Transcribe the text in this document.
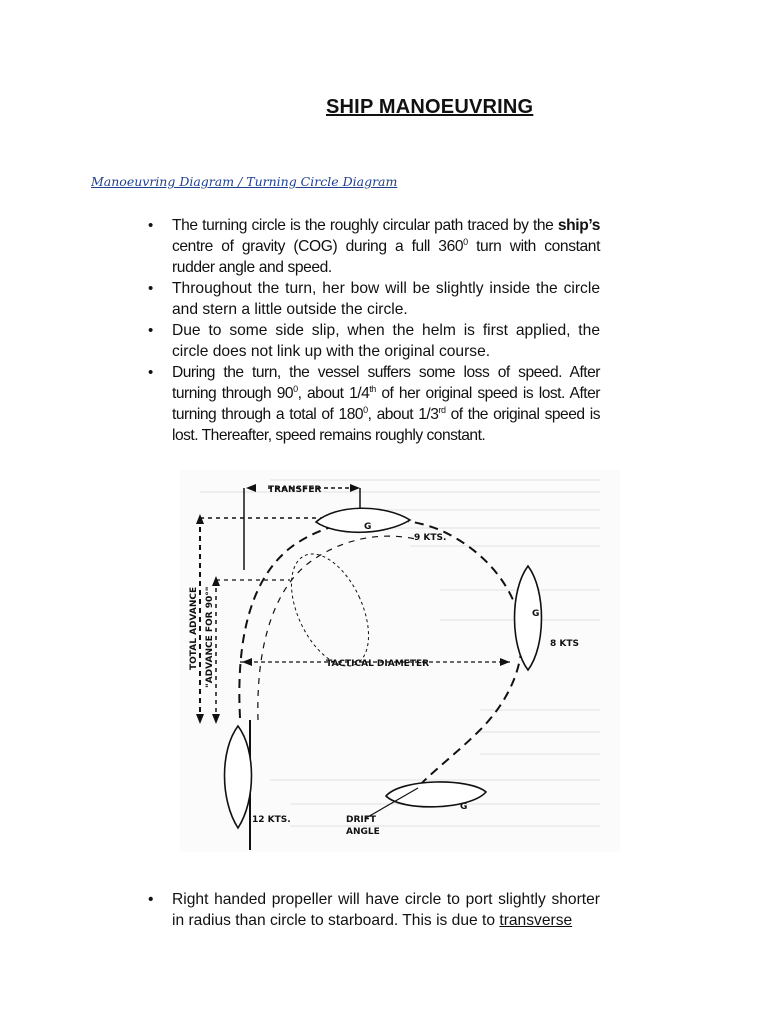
SHIP MANOEUVRING
Manoeuvring Diagram / Turning Circle Diagram
• The turning circle is the roughly circular path traced by the ship’s centre of gravity (COG) during a full $360^0$ turn with constant rudder angle and speed.
• Throughout the turn, her bow will be slightly inside the circle and stern a little outside the circle.
• Due to some side slip, when the helm is first applied, the circle does not link up with the original course.
• During the turn, the vessel suffers some loss of speed. After turning through $90^0$, about 1/4th of her original speed is lost. After turning through a total of $180^0$, about 1/3rd of the original speed is lost. Thereafter, speed remains roughly constant.
TRANSFER
TOTAL ADVANCE "ADVANCE FOR 90°"	TACTICAL DIAMETER
G
9 KTS.
G
8 KTS
12 KTS.
G
DRIFT
ANGLE
• Right handed propeller will have circle to port slightly shorter in radius than circle to starboard. This is due to transverse
